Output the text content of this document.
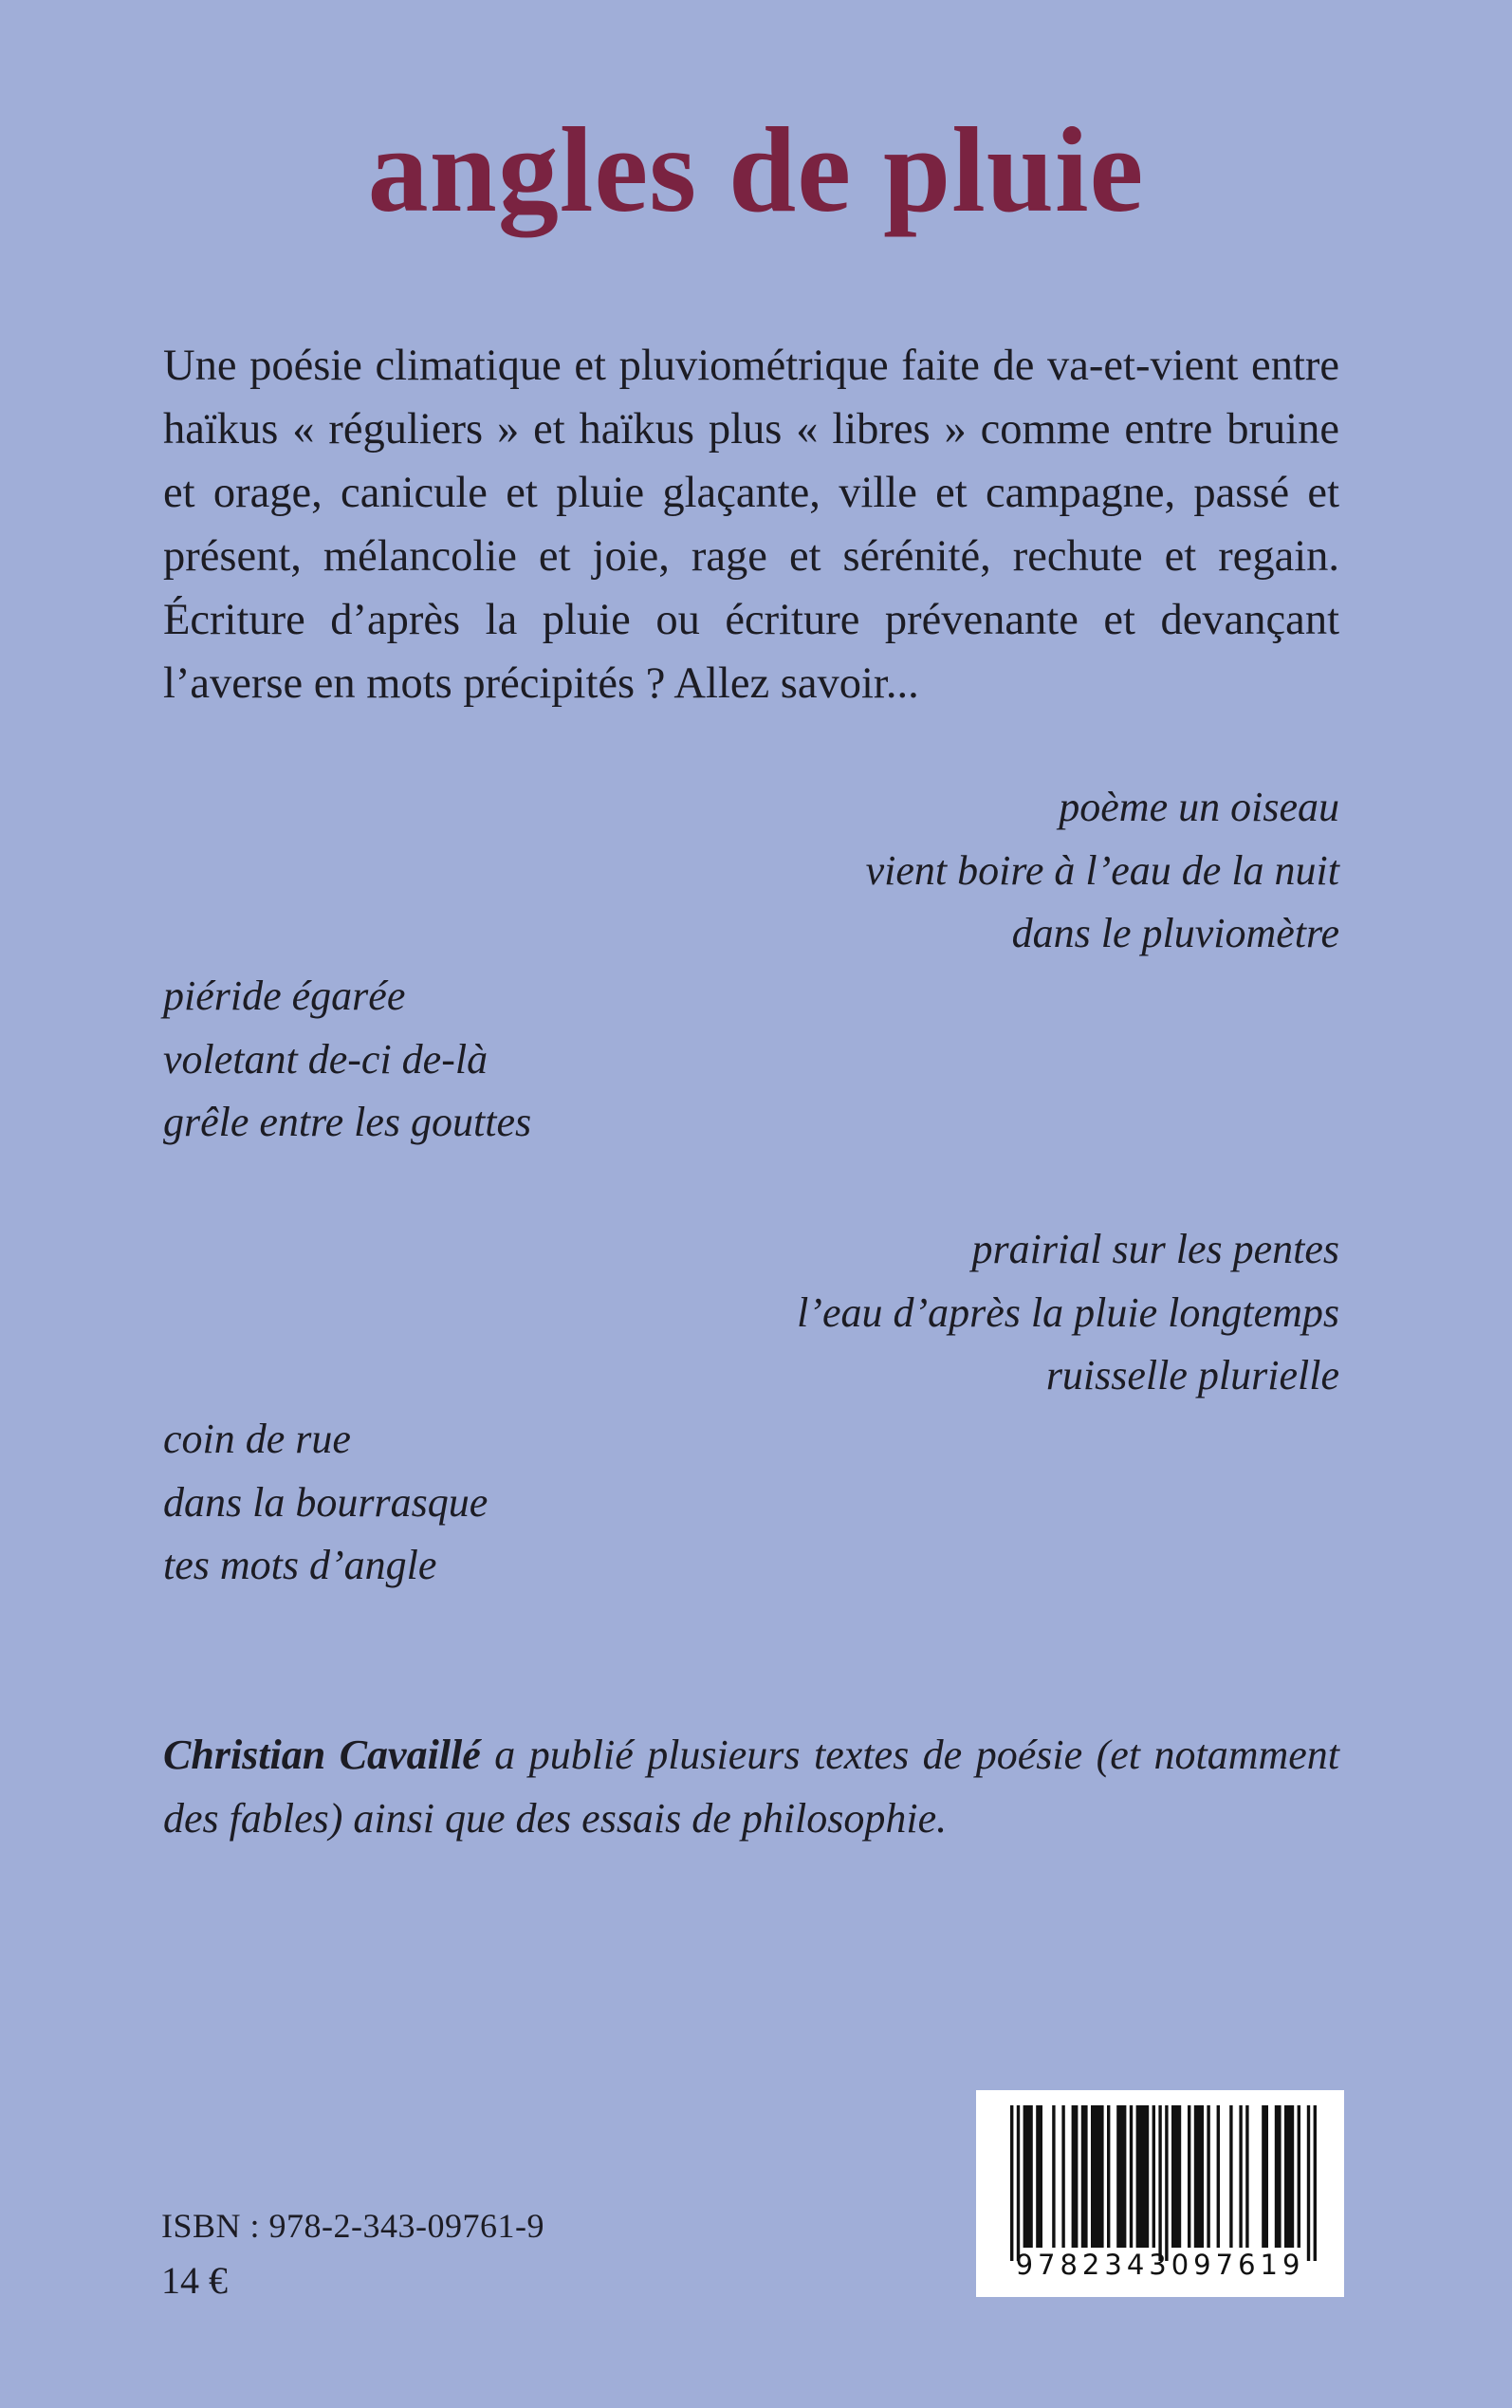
angles de pluie

Une poésie climatique et pluviométrique faite de va-et-vient entre haïkus « réguliers » et haïkus plus « libres » comme entre bruine et orage, canicule et pluie glaçante, ville et campagne, passé et présent, mélancolie et joie, rage et sérénité, rechute et regain. Écriture d’après la pluie ou écriture prévenante et devançant l’averse en mots précipités ? Allez savoir...

poème un oiseau
vient boire à l’eau de la nuit
dans le pluviomètre
piéride égarée
voletant de-ci de-là
grêle entre les gouttes
prairial sur les pentes
l’eau d’après la pluie longtemps
ruisselle plurielle
coin de rue
dans la bourrasque
tes mots d’angle

Christian Cavaillé a publié plusieurs textes de poésie (et notamment des fables) ainsi que des essais de philosophie.

ISBN : 978-2-343-09761-9
14 €	9782343097619
